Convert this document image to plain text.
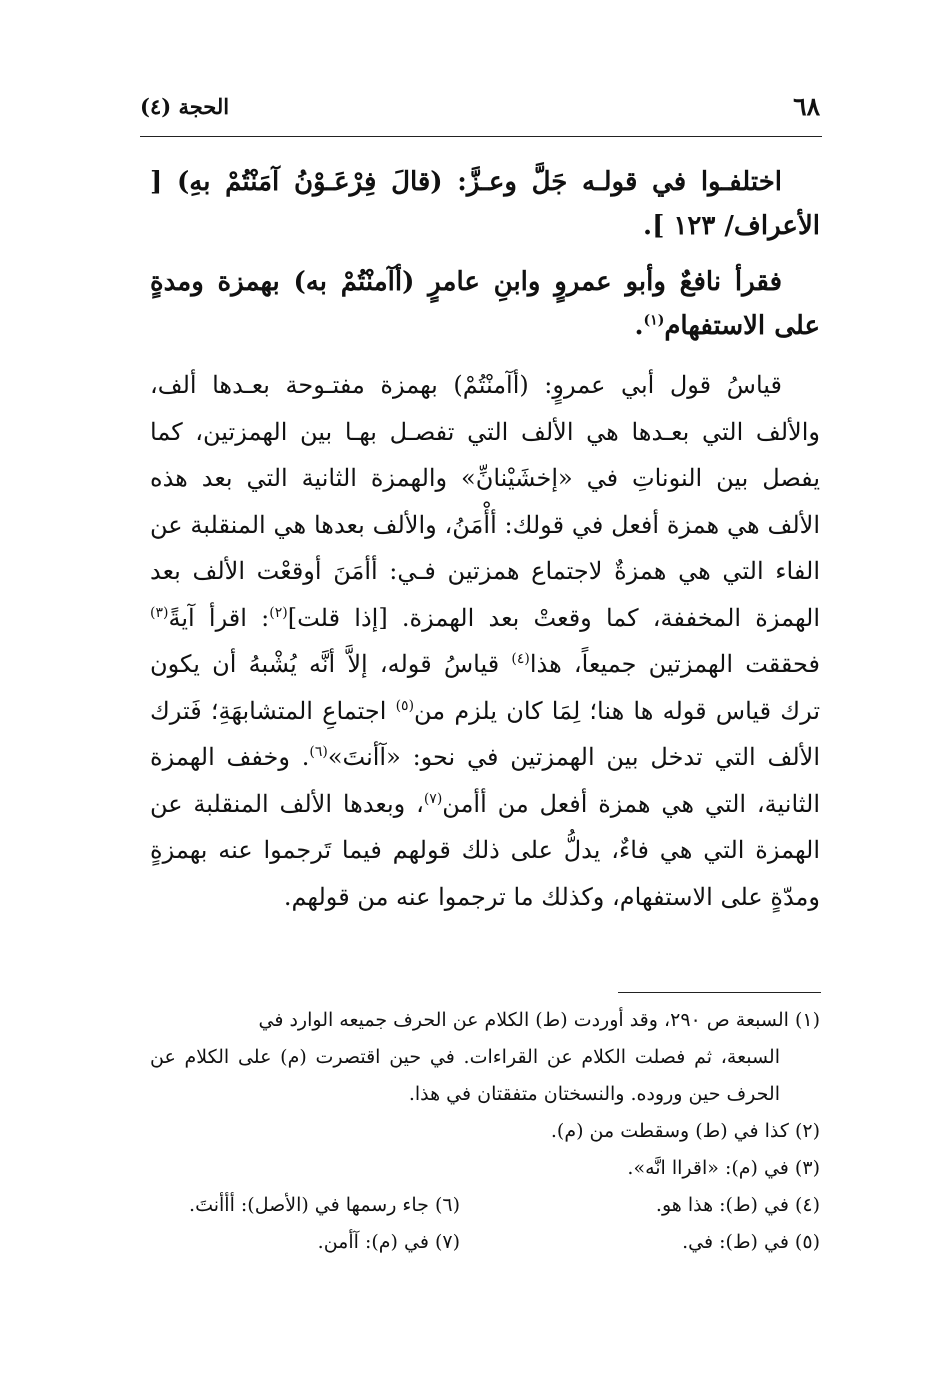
٦٨
الحجة (٤)

اختلفـوا في قولـه جَلَّ وعـزَّ: (قالَ فِرْعَـوْنُ آمَنْتُمْ بهِ) [ الأعراف/ ١٢٣ ].

فقرأ نافعٌ وأبو عمروٍ وابنِ عامرٍ (أآمنْتُمْ به) بهمزة ومدةٍ على الاستفهام$^{(١)}$.

قياسُ قول أبي عمروٍ: (أآمنْتُمْ) بهمزة مفتـوحة بعـدها ألف، والألف التي بعـدها هي الألف التي تفصـل بهـا بين الهمزتين، كما يفصل بين النوناتِ في «إخشَيْنانِّ» والهمزة الثانية التي بعد هذه الألف هي همزة أفعل في قولك: أأْمَنُ، والألف بعدها هي المنقلبة عن الفاء التي هي همزةٌ لاجتماع همزتين فـي: أأمَنَ أوقعْت الألف بعد الهمزة المخففة، كما وقعتْ بعد الهمزة. [إذا قلت]$^{(٢)}$: اقرأ آيةً$^{(٣)}$ فحققت الهمزتين جميعاً، هذا$^{(٤)}$ قياسُ قوله، إلاَّ أنَّه يُشْبهُ أن يكون ترك قياس قوله ها هنا؛ لِمَا كان يلزم من$^{(٥)}$ اجتماعِ المتشابهَةِ؛ فَترك الألف التي تدخل بين الهمزتين في نحو: «آأنتَ»$^{(٦)}$. وخفف الهمزة الثانية، التي هي همزة أفعل من أأمن$^{(٧)}$، وبعدها الألف المنقلبة عن الهمزة التي هي فاءٌ، يدلُّ على ذلك قولهم فيما تَرجموا عنه بهمزةٍ ومدّةٍ على الاستفهام، وكذلك ما ترجموا عنه من قولهم.

(١) السبعة ص ٢٩٠، وقد أوردت (ط) الكلام عن الحرف جميعه الوارد في
السبعة، ثم فصلت الكلام عن القراءات. في حين اقتصرت (م) على الكلام عن الحرف حين وروده. والنسختان متفقتان في هذا.

(٢) كذا في (ط) وسقطت من (م).

(٣) في (م): «اقراا انَّه».

(٤) في (ط): هذا هو.
(٦) جاء رسمها في (الأصل): أأأنتَ.
(٥) في (ط): في.
(٧) في (م): آأمن.
